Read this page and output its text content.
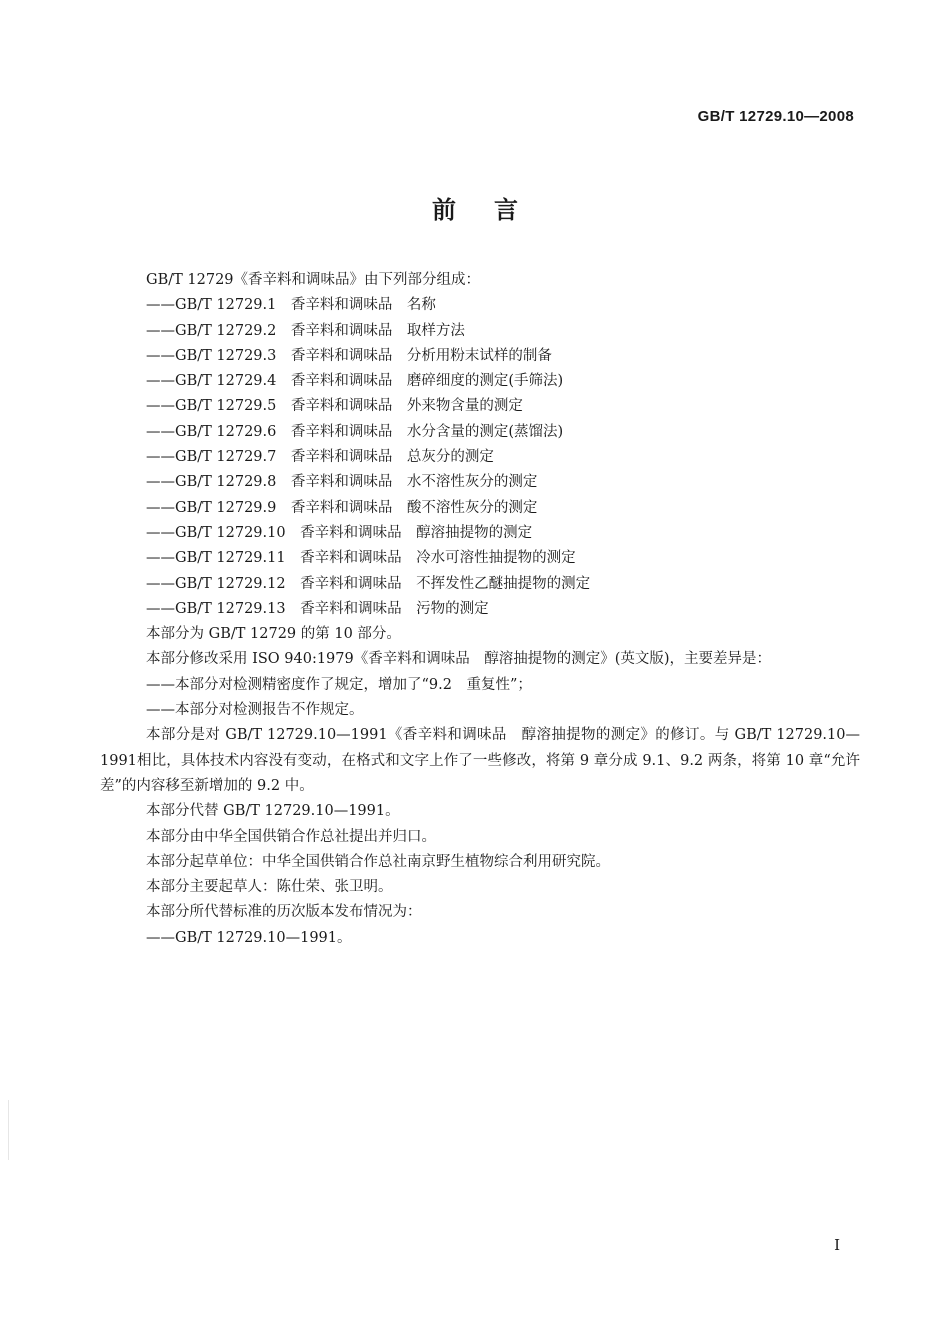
GB/T 12729.10—2008
前言

GB/T 12729《香辛料和调味品》由下列部分组成：

——GB/T 12729.1　香辛料和调味品　名称

——GB/T 12729.2　香辛料和调味品　取样方法

——GB/T 12729.3　香辛料和调味品　分析用粉末试样的制备

——GB/T 12729.4　香辛料和调味品　磨碎细度的测定(手筛法)

——GB/T 12729.5　香辛料和调味品　外来物含量的测定

——GB/T 12729.6　香辛料和调味品　水分含量的测定(蒸馏法)

——GB/T 12729.7　香辛料和调味品　总灰分的测定

——GB/T 12729.8　香辛料和调味品　水不溶性灰分的测定

——GB/T 12729.9　香辛料和调味品　酸不溶性灰分的测定

——GB/T 12729.10　香辛料和调味品　醇溶抽提物的测定

——GB/T 12729.11　香辛料和调味品　冷水可溶性抽提物的测定

——GB/T 12729.12　香辛料和调味品　不挥发性乙醚抽提物的测定

——GB/T 12729.13　香辛料和调味品　污物的测定

本部分为 GB/T 12729 的第 10 部分。

本部分修改采用 ISO 940:1979《香辛料和调味品　醇溶抽提物的测定》(英文版)，主要差异是：

——本部分对检测精密度作了规定，增加了“9.2　重复性”；

——本部分对检测报告不作规定。

本部分是对 GB/T 12729.10—1991《香辛料和调味品　醇溶抽提物的测定》的修订。与 GB/T 12729.10—1991相比，具体技术内容没有变动，在格式和文字上作了一些修改，将第 9 章分成 9.1、9.2 两条，将第 10 章“允许差”的内容移至新增加的 9.2 中。

本部分代替 GB/T 12729.10—1991。

本部分由中华全国供销合作总社提出并归口。

本部分起草单位：中华全国供销合作总社南京野生植物综合利用研究院。

本部分主要起草人：陈仕荣、张卫明。

本部分所代替标准的历次版本发布情况为：

——GB/T 12729.10—1991。

I
